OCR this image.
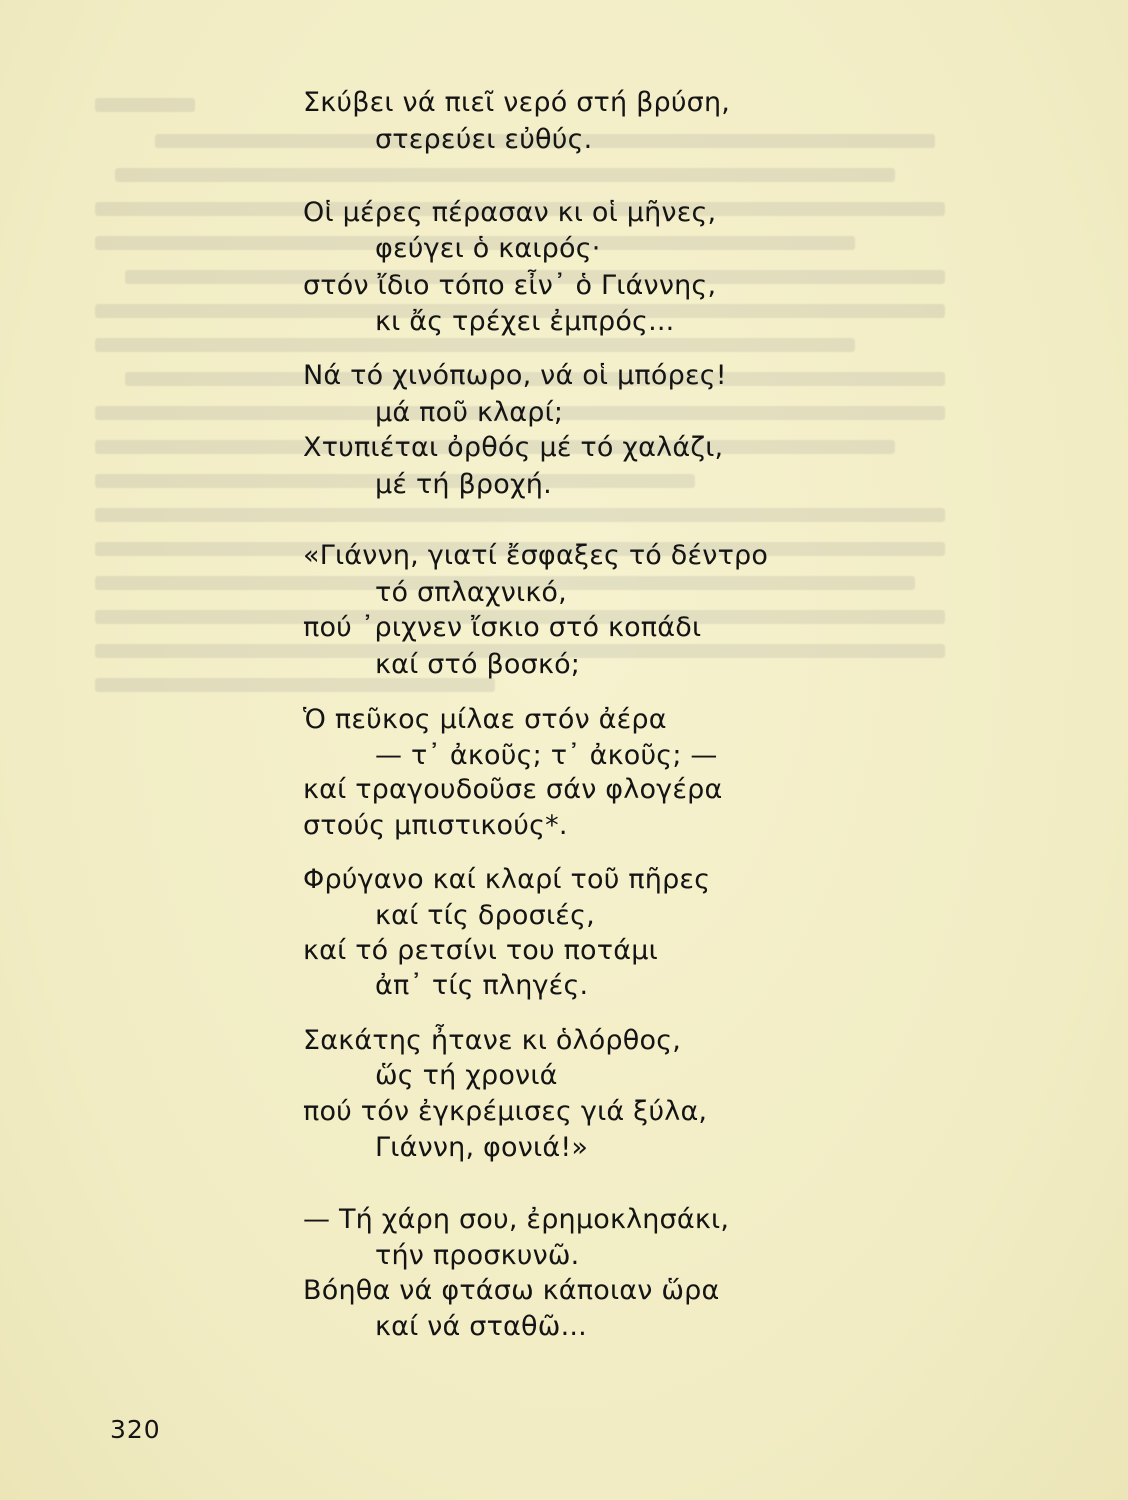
Σκύβει νά πιεῖ νερό στή βρύση,
στερεύει εὐθύς.
Οἱ μέρες πέρασαν κι οἱ μῆνες,
φεύγει ὁ καιρός·
στόν ἴδιο τόπο εἶν᾽ ὁ Γιάννης,
κι ἄς τρέχει ἐμπρός...
Νά τό χινόπωρο, νά οἱ μπόρες!
μά ποῦ κλαρί;
Χτυπιέται ὀρθός μέ τό χαλάζι,
μέ τή βροχή.
«Γιάννη, γιατί ἔσφαξες τό δέντρο
τό σπλαχνικό,
πού ᾽ριχνεν ἴσκιο στό κοπάδι
καί στό βοσκό;
Ὁ πεῦκος μίλαε στόν ἀέρα
— τ᾽ ἀκοῦς; τ᾽ ἀκοῦς; —
καί τραγουδοῦσε σάν φλογέρα
στούς μπιστικούς*.
Φρύγανο καί κλαρί τοῦ πῆρες
καί τίς δροσιές,
καί τό ρετσίνι του ποτάμι
ἀπ᾽ τίς πληγές.
Σακάτης ἦτανε κι ὁλόρθος,
ὥς τή χρονιά
πού τόν ἐγκρέμισες γιά ξύλα,
Γιάννη, φονιά!»
— Τή χάρη σου, ἐρημοκλησάκι,
τήν προσκυνῶ.
Βόηθα νά φτάσω κάποιαν ὥρα
καί νά σταθῶ...
320
